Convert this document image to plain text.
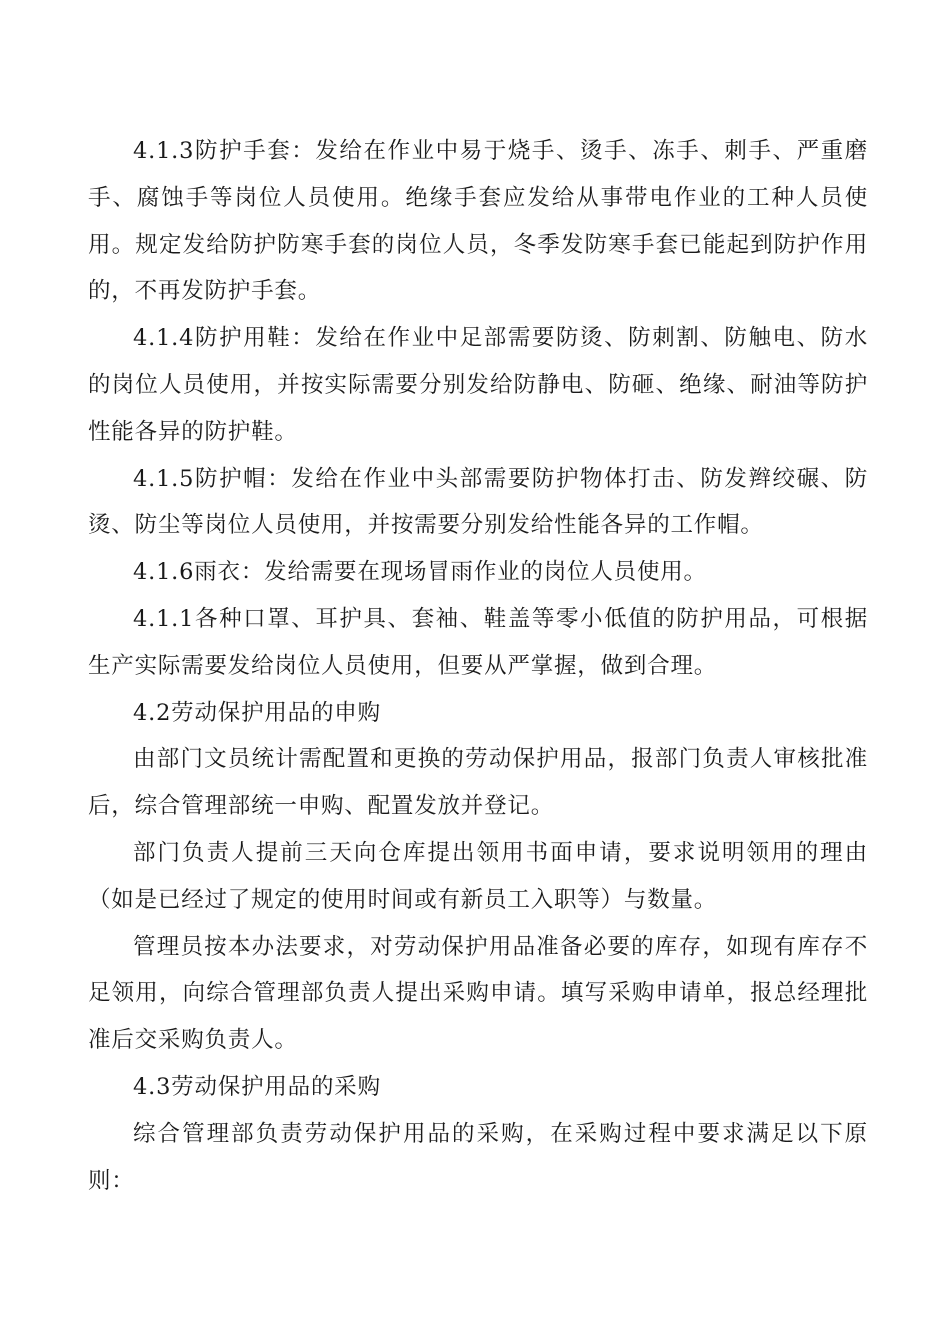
4.1.3防护手套：发给在作业中易于烧手、烫手、冻手、刺手、严重磨手、腐蚀手等岗位人员使用。绝缘手套应发给从事带电作业的工种人员使用。规定发给防护防寒手套的岗位人员，冬季发防寒手套已能起到防护作用的，不再发防护手套。

4.1.4防护用鞋：发给在作业中足部需要防烫、防刺割、防触电、防水的岗位人员使用，并按实际需要分别发给防静电、防砸、绝缘、耐油等防护性能各异的防护鞋。

4.1.5防护帽：发给在作业中头部需要防护物体打击、防发辫绞碾、防烫、防尘等岗位人员使用，并按需要分别发给性能各异的工作帽。

4.1.6雨衣：发给需要在现场冒雨作业的岗位人员使用。

4.1.1各种口罩、耳护具、套袖、鞋盖等零小低值的防护用品，可根据生产实际需要发给岗位人员使用，但要从严掌握，做到合理。

4.2劳动保护用品的申购

由部门文员统计需配置和更换的劳动保护用品，报部门负责人审核批准后，综合管理部统一申购、配置发放并登记。

部门负责人提前三天向仓库提出领用书面申请，要求说明领用的理由（如是已经过了规定的使用时间或有新员工入职等）与数量。

管理员按本办法要求，对劳动保护用品准备必要的库存，如现有库存不足领用，向综合管理部负责人提出采购申请。填写采购申请单，报总经理批准后交采购负责人。

4.3劳动保护用品的采购

综合管理部负责劳动保护用品的采购，在采购过程中要求满足以下原则：
